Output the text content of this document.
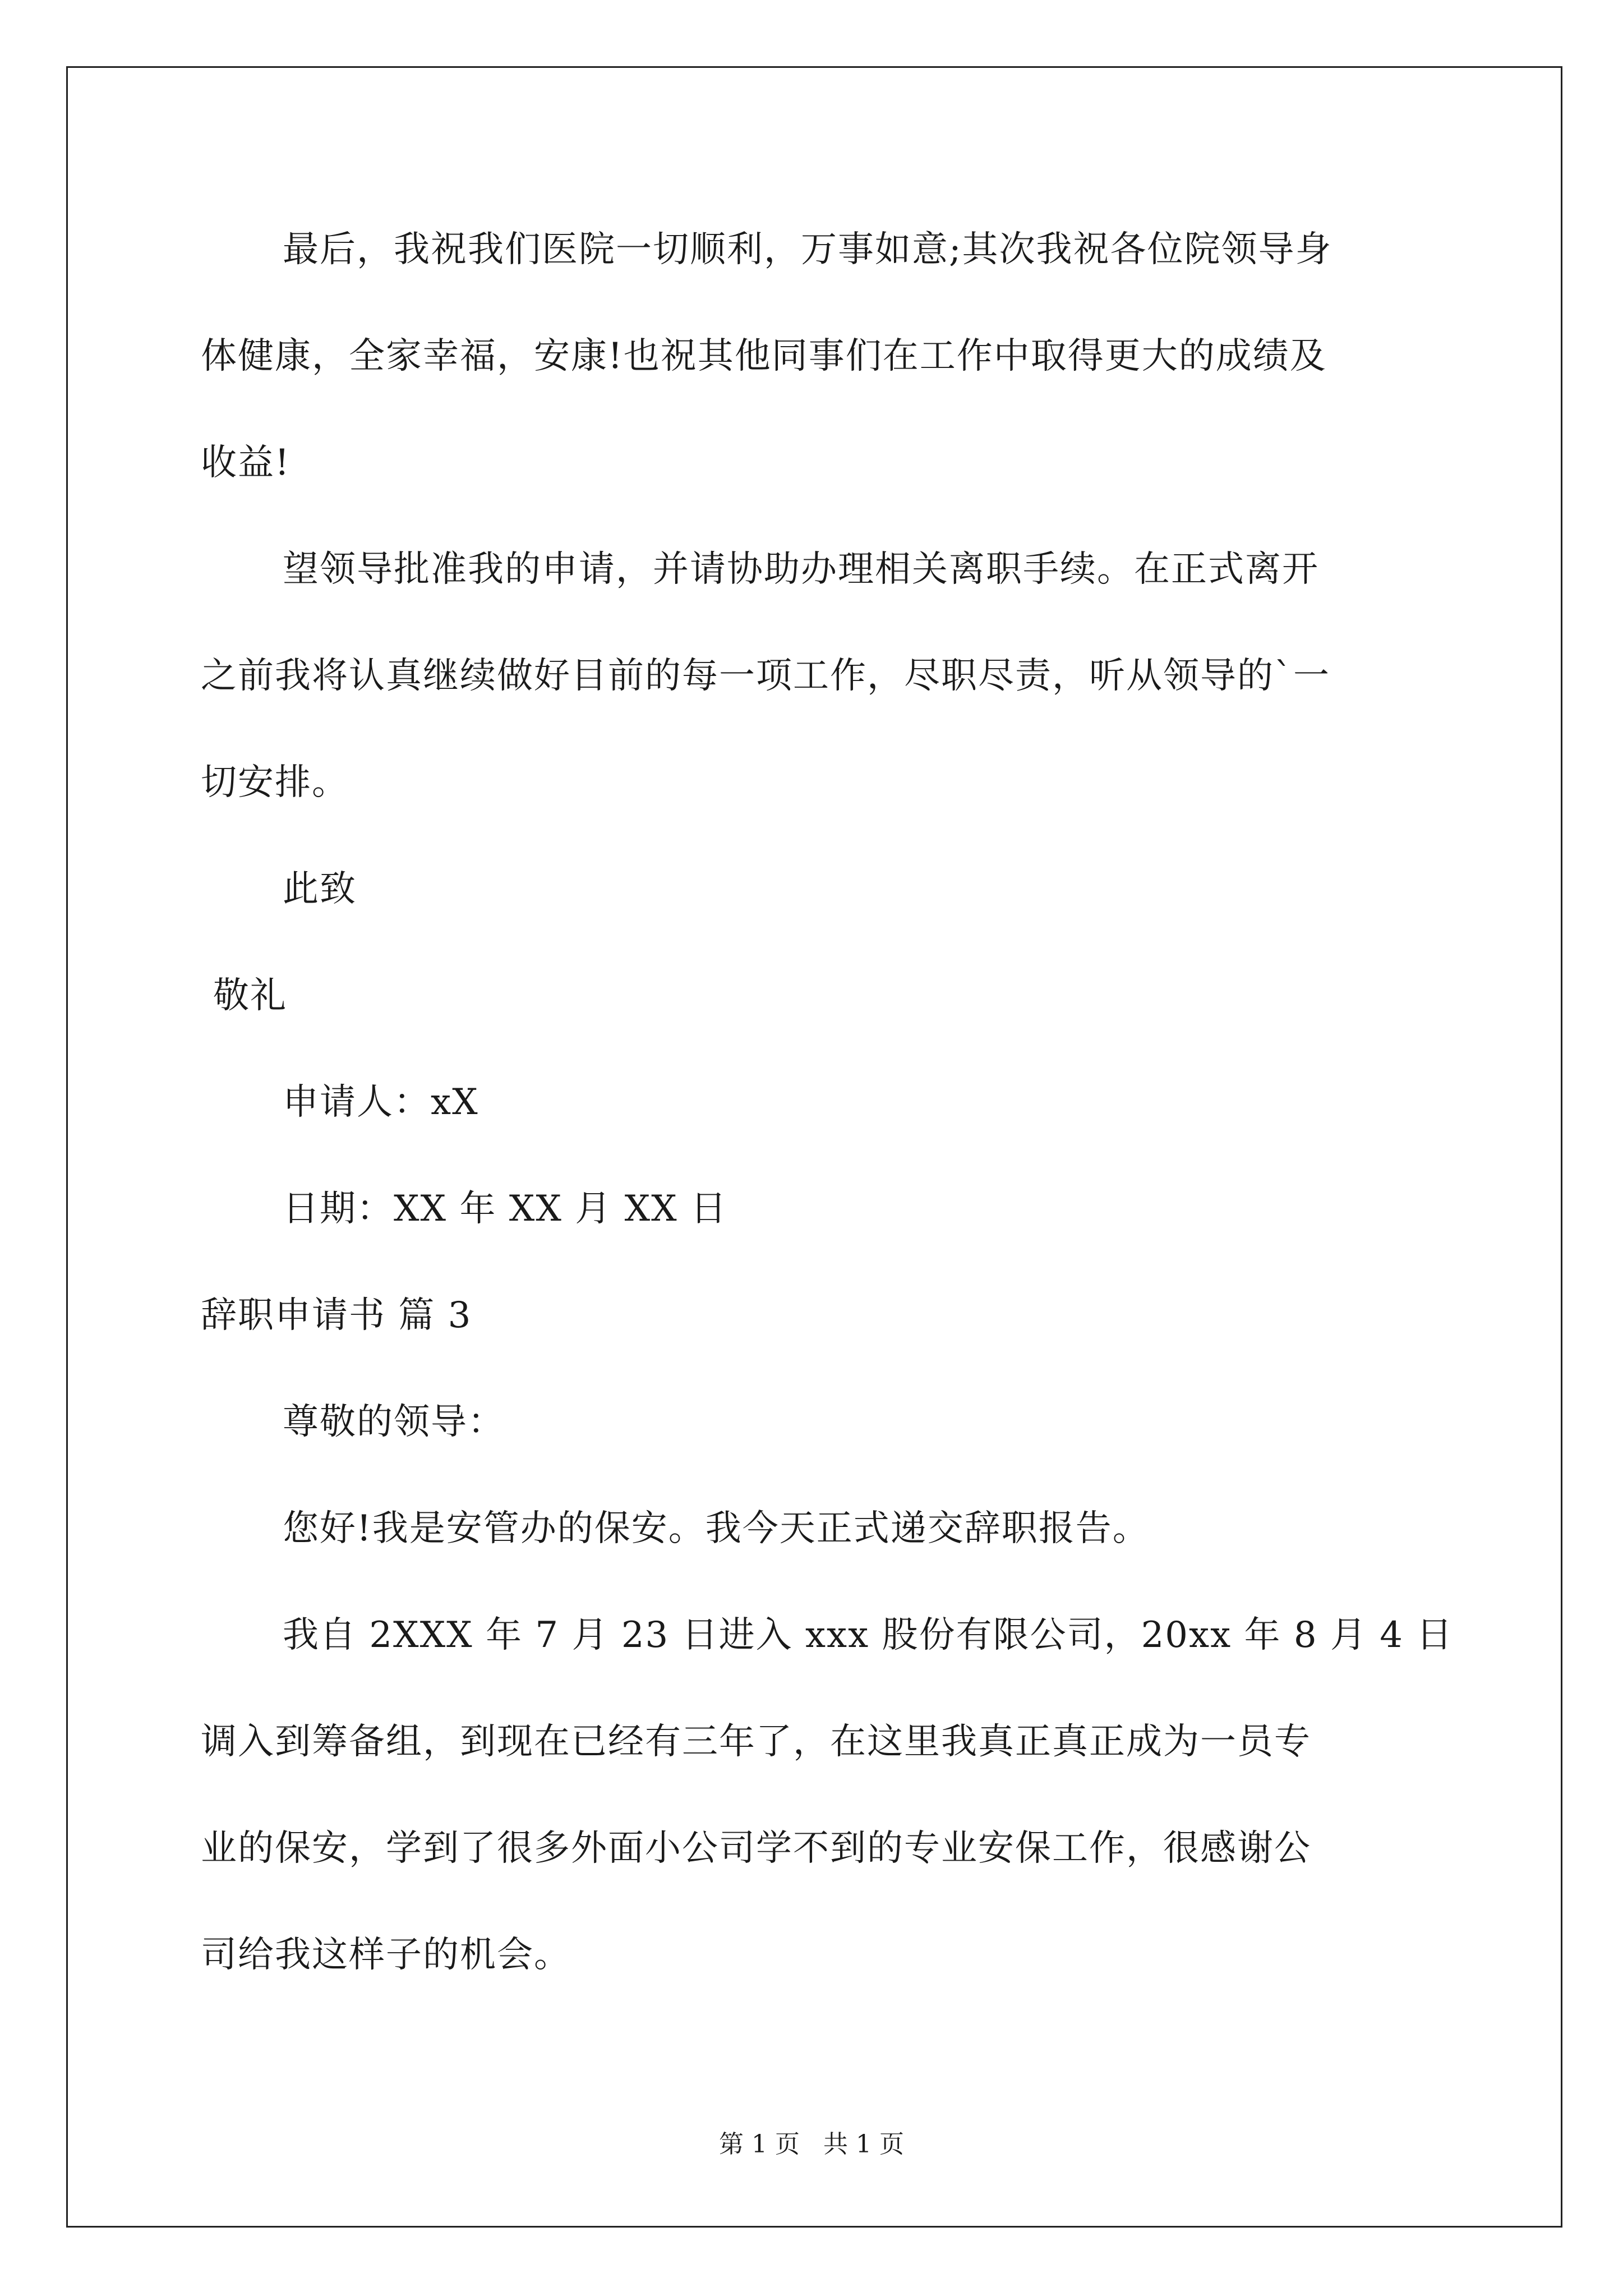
最后，我祝我们医院一切顺利，万事如意;其次我祝各位院领导身
体健康，全家幸福，安康!也祝其他同事们在工作中取得更大的成绩及
收益!
望领导批准我的申请，并请协助办理相关离职手续。在正式离开
之前我将认真继续做好目前的每一项工作，尽职尽责，听从领导的`一
切安排。
此致
敬礼
申请人：xX
日期：XX 年 XX 月 XX 日
辞职申请书 篇 3
尊敬的领导：
您好!我是安管办的保安。我今天正式递交辞职报告。
我自 2XXX 年 7 月 23 日进入 xxx 股份有限公司，20xx 年 8 月 4 日
调入到筹备组，到现在已经有三年了，在这里我真正真正成为一员专
业的保安，学到了很多外面小公司学不到的专业安保工作，很感谢公
司给我这样子的机会。
第 1 页   共 1 页
